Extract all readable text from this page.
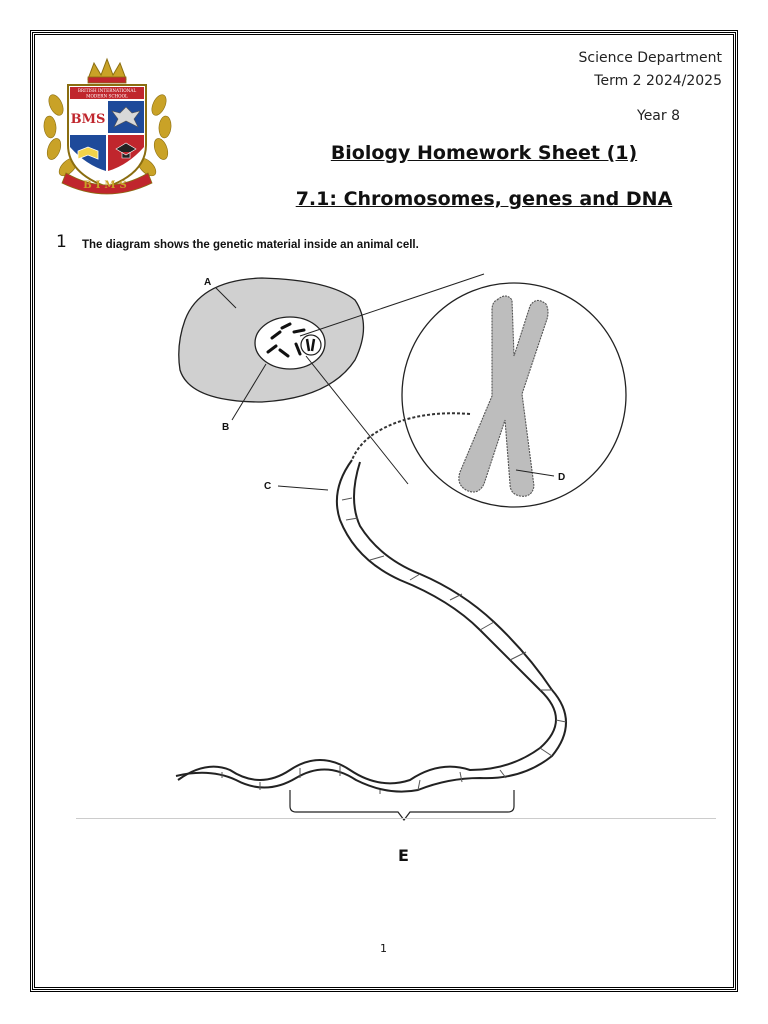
BRITISH INTERNATIONAL
MODERN SCHOOL
BMS
BIMS
Science Department
Term 2 2024/2025
Year 8
Biology Homework Sheet (1)
7.1: Chromosomes, genes and DNA
1 The diagram shows the genetic material inside an animal cell.
A
B
C
D
E
1
